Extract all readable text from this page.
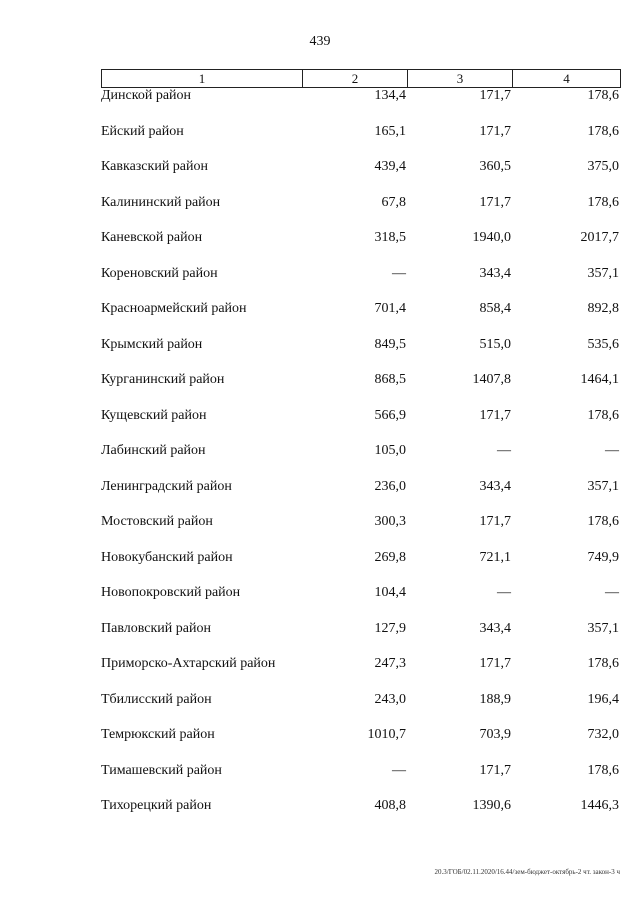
439
1	2	3	4
Динской район	134,4	171,7	178,6
Ейский район	165,1	171,7	178,6
Кавказский район	439,4	360,5	375,0
Калининский район	67,8	171,7	178,6
Каневской район	318,5	1940,0	2017,7
Кореновский район	—	343,4	357,1
Красноармейский район	701,4	858,4	892,8
Крымский район	849,5	515,0	535,6
Курганинский район	868,5	1407,8	1464,1
Кущевский район	566,9	171,7	178,6
Лабинский район	105,0	—	—
Ленинградский район	236,0	343,4	357,1
Мостовский район	300,3	171,7	178,6
Новокубанский район	269,8	721,1	749,9
Новопокровский район	104,4	—	—
Павловский район	127,9	343,4	357,1
Приморско-Ахтарский район	247,3	171,7	178,6
Тбилисский район	243,0	188,9	196,4
Темрюкский район	1010,7	703,9	732,0
Тимашевский район	—	171,7	178,6
Тихорецкий район	408,8	1390,6	1446,3
20.3/ГОБ/02.11.2020/16.44/зем-бюджет-октябрь-2 чт. закон-3 ч
